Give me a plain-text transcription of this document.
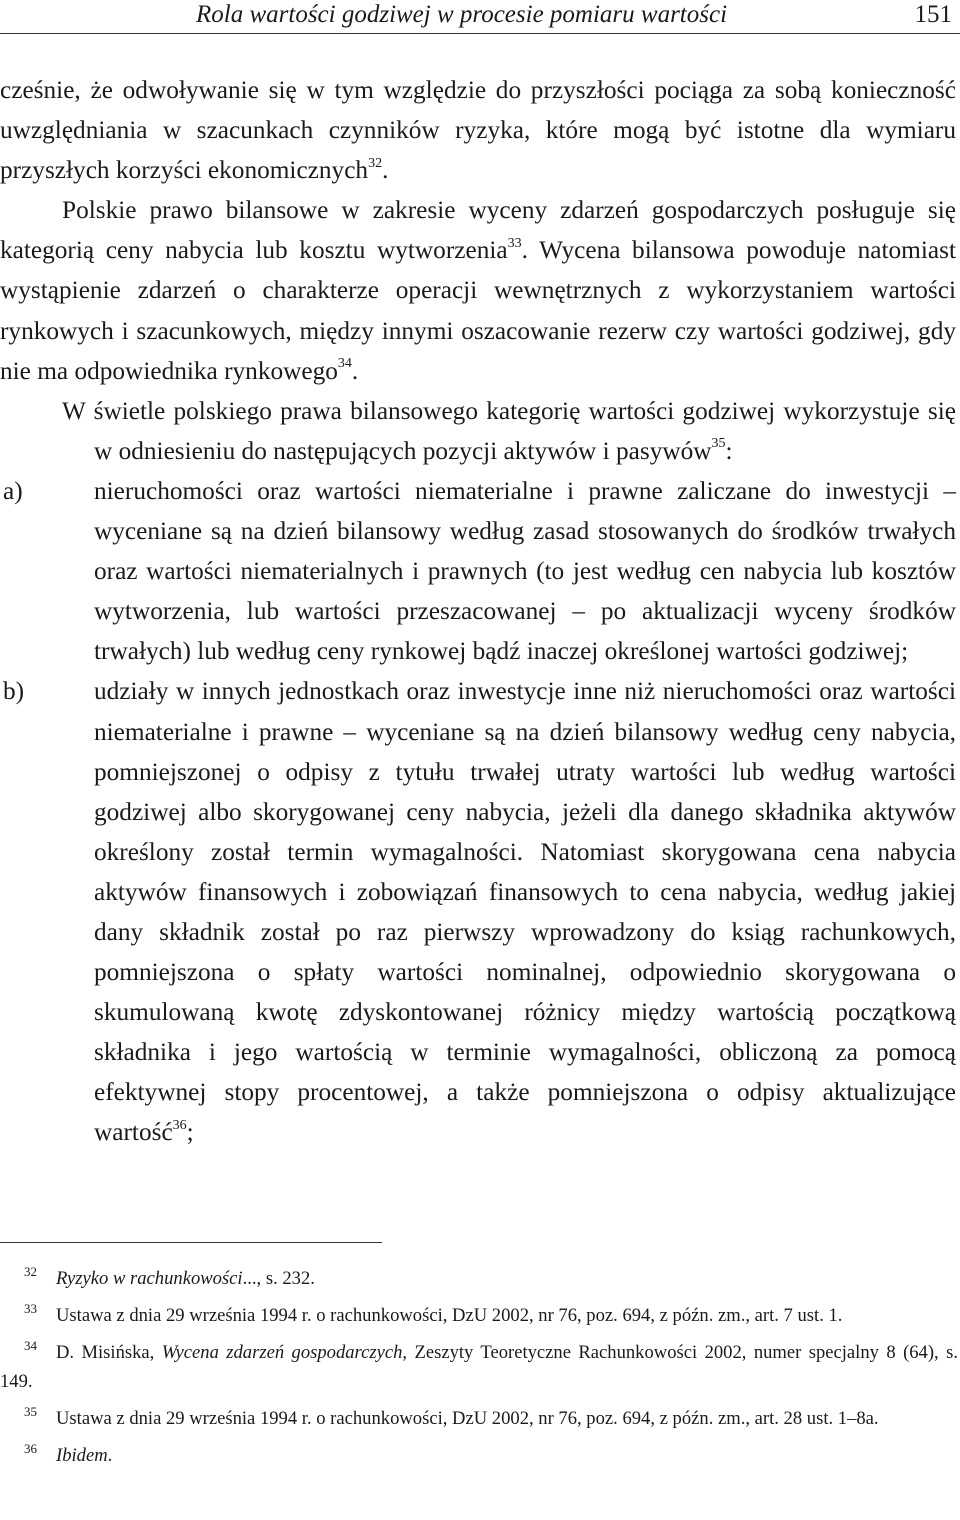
Rola wartości godziwej w procesie pomiaru wartości	151

cześnie, że odwoływanie się w tym względzie do przyszłości pociąga za sobą konieczność uwzględniania w szacunkach czynników ryzyka, które mogą być istotne dla wymiaru przyszłych korzyści ekonomicznych$^{32}$.

Polskie prawo bilansowe w zakresie wyceny zdarzeń gospodarczych posługuje się kategorią ceny nabycia lub kosztu wytworzenia$^{33}$. Wycena bilansowa powoduje natomiast wystąpienie zdarzeń o charakterze operacji wewnętrznych z wykorzystaniem wartości rynkowych i szacunkowych, między innymi oszacowanie rezerw czy wartości godziwej, gdy nie ma odpowiednika rynkowego$^{34}$.

W świetle polskiego prawa bilansowego kategorię wartości godziwej wykorzystuje się w odniesieniu do następujących pozycji aktywów i pasywów$^{35}$:

a)	nieruchomości oraz wartości niematerialne i prawne zaliczane do inwestycji – wyceniane są na dzień bilansowy według zasad stosowanych do środków trwałych oraz wartości niematerialnych i prawnych (to jest według cen nabycia lub kosztów wytworzenia, lub wartości przeszacowanej – po aktualizacji wyceny środków trwałych) lub według ceny rynkowej bądź inaczej określonej wartości godziwej;

b)	udziały w innych jednostkach oraz inwestycje inne niż nieruchomości oraz wartości niematerialne i prawne – wyceniane są na dzień bilansowy według ceny nabycia, pomniejszonej o odpisy z tytułu trwałej utraty wartości lub według wartości godziwej albo skorygowanej ceny nabycia, jeżeli dla danego składnika aktywów określony został termin wymagalności. Natomiast skorygowana cena nabycia aktywów finansowych i zobowiązań finansowych to cena nabycia, według jakiej dany składnik został po raz pierwszy wprowadzony do ksiąg rachunkowych, pomniejszona o spłaty wartości nominalnej, odpowiednio skorygowana o skumulowaną kwotę zdyskontowanej różnicy między wartością początkową składnika i jego wartością w terminie wymagalności, obliczoną za pomocą efektywnej stopy procentowej, a także pomniejszona o odpisy aktualizujące wartość$^{36}$;

32 Ryzyko w rachunkowości..., s. 232.

33 Ustawa z dnia 29 września 1994 r. o rachunkowości, DzU 2002, nr 76, poz. 694, z późn. zm., art. 7 ust. 1.

34 D. Misińska, Wycena zdarzeń gospodarczych, Zeszyty Teoretyczne Rachunkowości 2002, numer specjalny 8 (64), s. 149.

35 Ustawa z dnia 29 września 1994 r. o rachunkowości, DzU 2002, nr 76, poz. 694, z późn. zm., art. 28 ust. 1–8a.

36 Ibidem.
